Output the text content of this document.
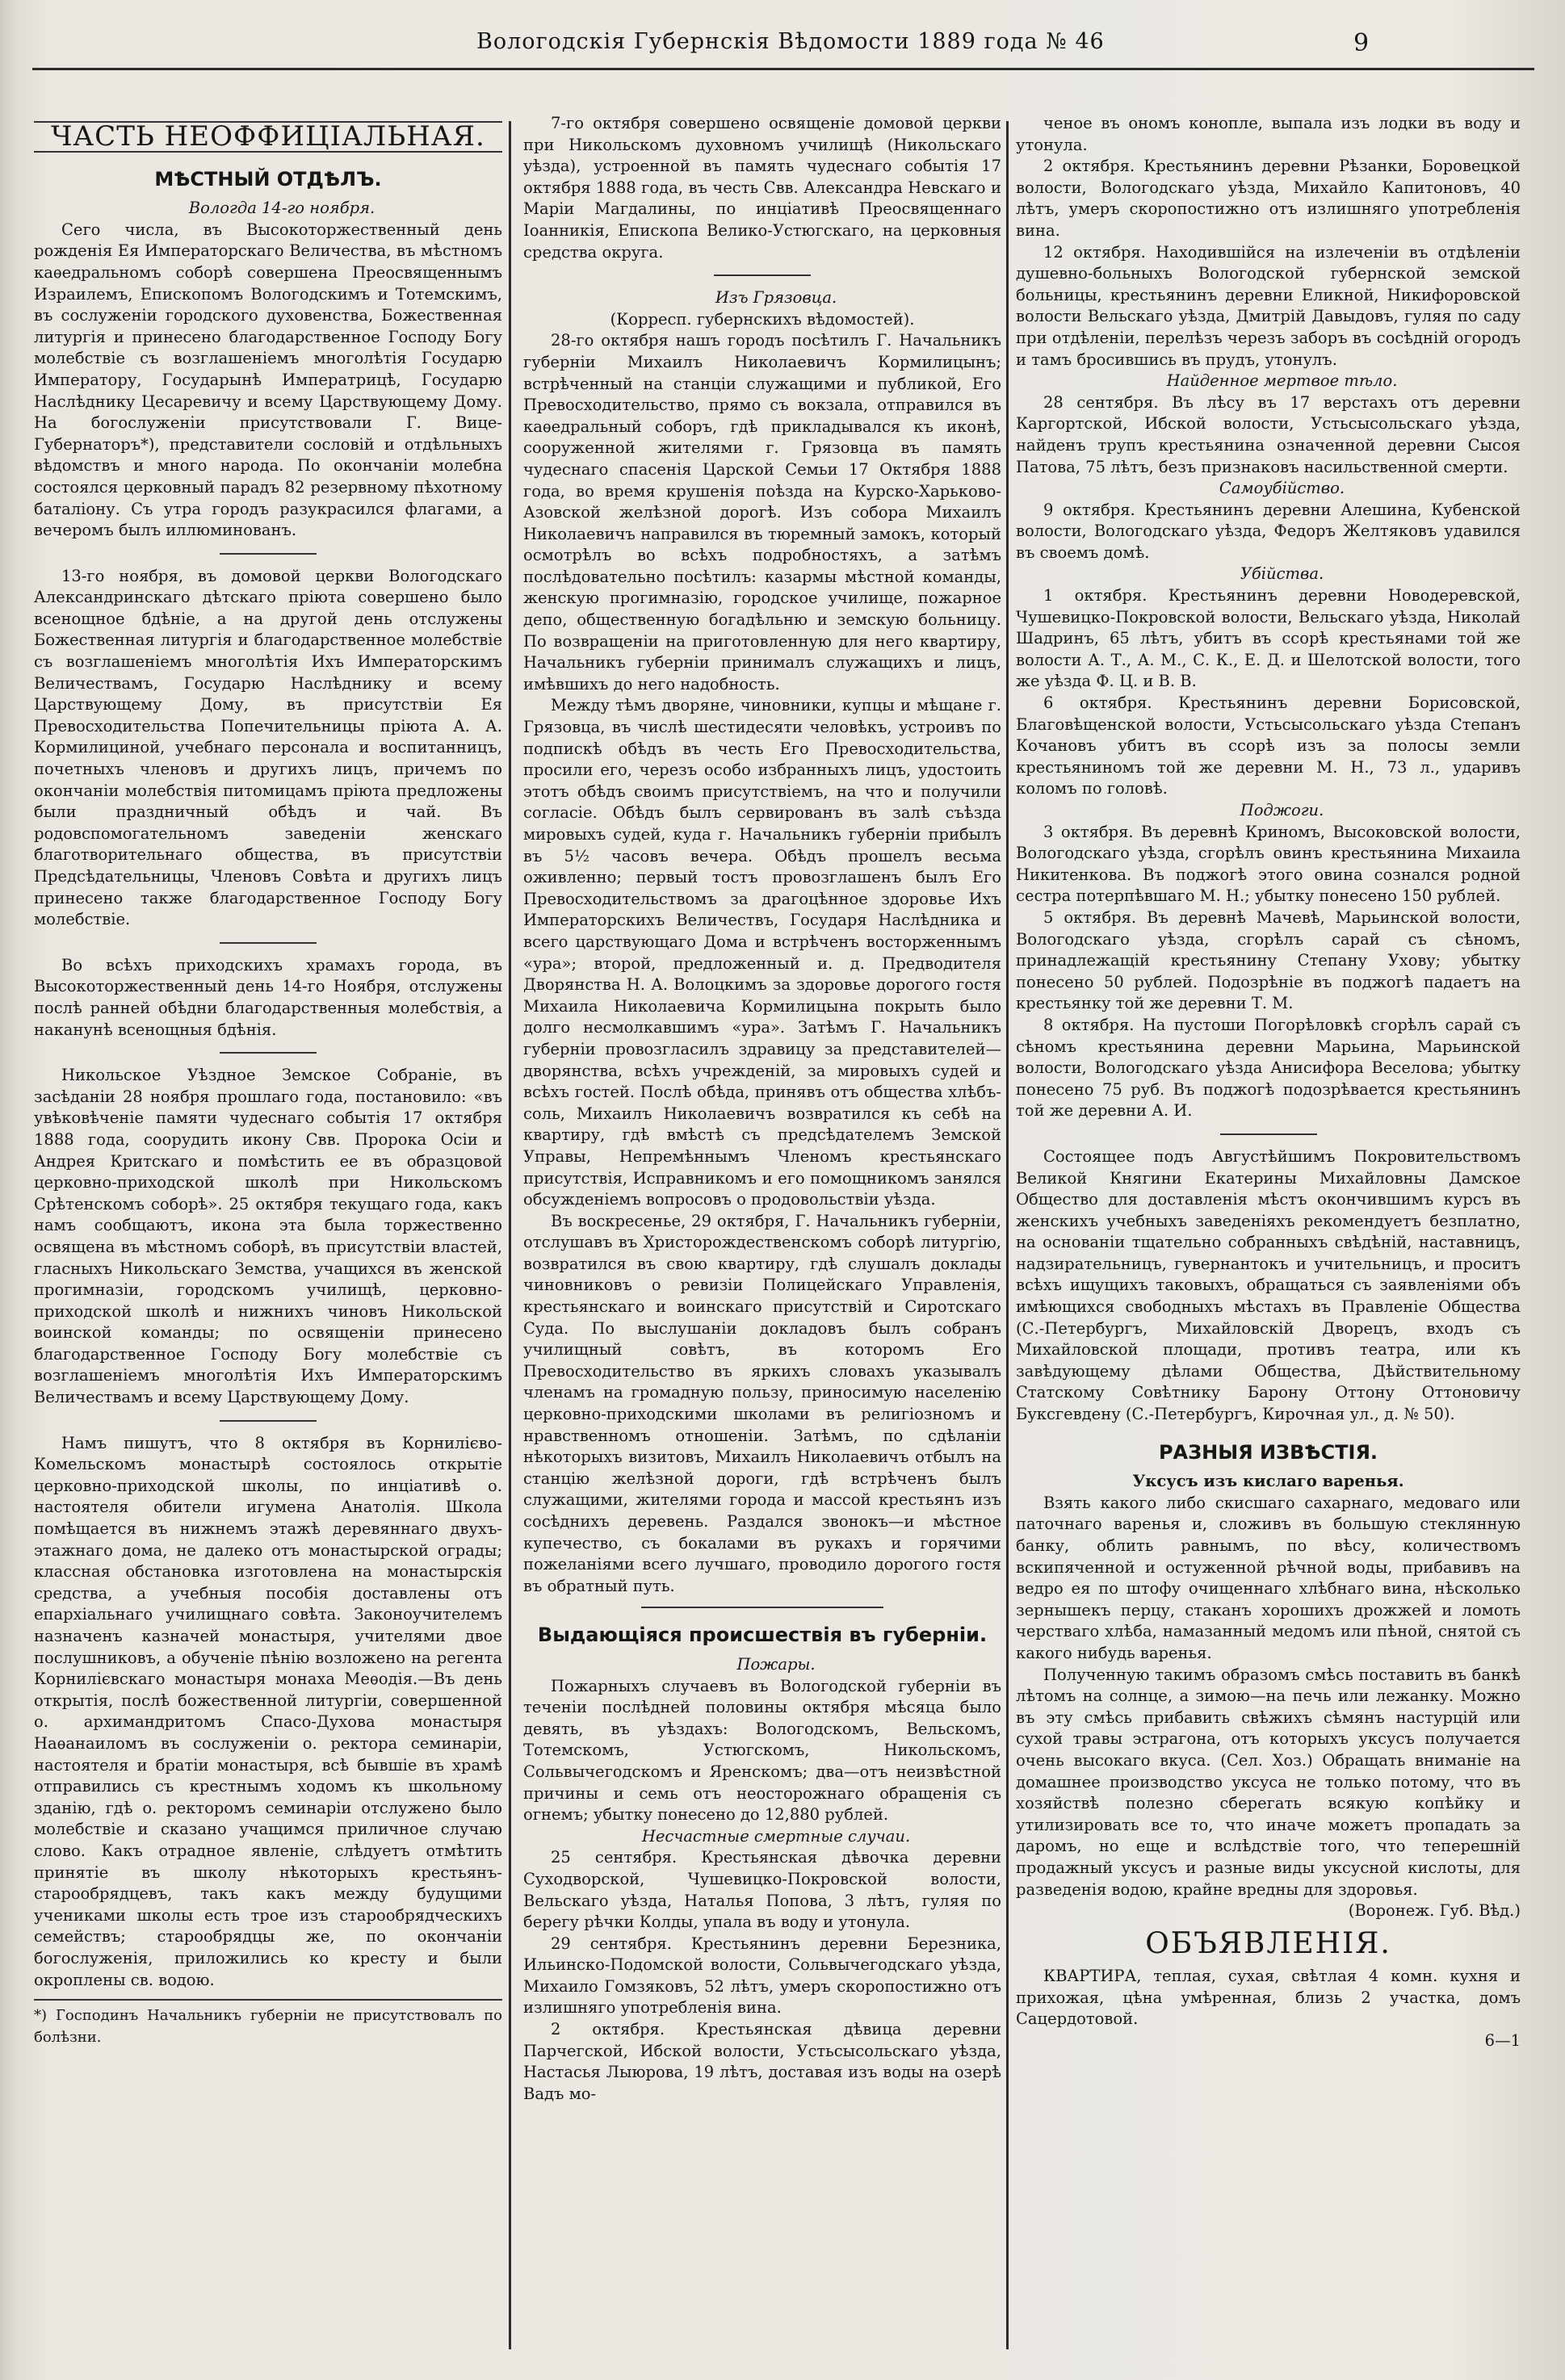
Вологодскія Губернскія Вѣдомости 1889 года № 46	9
ЧАСТЬ НЕОФФИЦІАЛЬНАЯ.
МѢСТНЫЙ ОТДѢЛЪ.

Вологда 14-го ноября.

Сего числа, въ Высокоторжественный день рожденія Ея Императорскаго Величества, въ мѣстномъ каѳедральномъ соборѣ совершена Преосвященнымъ Израилемъ, Епископомъ Вологодскимъ и Тотемскимъ, въ сослуженіи городского духовенства, Божественная литургія и принесено благодарственное Господу Богу молебствіе съ возглашеніемъ многолѣтія Государю Императору, Государынѣ Императрицѣ, Государю Наслѣднику Цесаревичу и всему Царствующему Дому. На богослуженіи присутствовали Г. Вице-Губернаторъ*), представители сословій и отдѣльныхъ вѣдомствъ и много народа. По окончаніи молебна состоялся церковный парадъ 82 резервному пѣхотному баталіону. Съ утра городъ разукрасился флагами, а вечеромъ былъ иллюминованъ.

13-го ноября, въ домовой церкви Вологодскаго Александринскаго дѣтскаго пріюта совершено было всенощное бдѣніе, а на другой день отслужены Божественная литургія и благодарственное молебствіе съ возглашеніемъ многолѣтія Ихъ Императорскимъ Величествамъ, Государю Наслѣднику и всему Царствующему Дому, въ присутствіи Ея Превосходительства Попечительницы пріюта А. А. Кормилициной, учебнаго персонала и воспитанницъ, почетныхъ членовъ и другихъ лицъ, причемъ по окончаніи молебствія питомицамъ пріюта предложены были праздничный обѣдъ и чай. Въ родовспомогательномъ заведеніи женскаго благотворительнаго общества, въ присутствіи Предсѣдательницы, Членовъ Совѣта и другихъ лицъ принесено также благодарственное Господу Богу молебствіе.

Во всѣхъ приходскихъ храмахъ города, въ Высокоторжественный день 14-го Ноября, отслужены послѣ ранней обѣдни благодарственныя молебствія, а наканунѣ всенощныя бдѣнія.

Никольское Уѣздное Земское Собраніе, въ засѣданіи 28 ноября прошлаго года, постановило: «въ увѣковѣченіе памяти чудеснаго событія 17 октября 1888 года, соорудить икону Свв. Пророка Осіи и Андрея Критскаго и помѣстить ее въ образцовой церковно-приходской школѣ при Никольскомъ Срѣтенскомъ соборѣ». 25 октября текущаго года, какъ намъ сообщаютъ, икона эта была торжественно освящена въ мѣстномъ соборѣ, въ присутствіи властей, гласныхъ Никольскаго Земства, учащихся въ женской прогимназіи, городскомъ училищѣ, церковно-приходской школѣ и нижнихъ чиновъ Никольской воинской команды; по освященіи принесено благодарственное Господу Богу молебствіе съ возглашеніемъ многолѣтія Ихъ Императорскимъ Величествамъ и всему Царствующему Дому.

Намъ пишутъ, что 8 октября въ Корнилієво-Комельскомъ монастырѣ состоялось открытіе церковно-приходской школы, по инціативѣ о. настоятеля обители игумена Анатолія. Школа помѣщается въ нижнемъ этажѣ деревяннаго двухъ-этажнаго дома, не далеко отъ монастырской ограды; классная обстановка изготовлена на монастырскія средства, а учебныя пособія доставлены отъ епархіальнаго училищнаго совѣта. Законоучителемъ назначенъ казначей монастыря, учителями двое послушниковъ, а обученіе пѣнію возложено на регента Корнилієвскаго монастыря монаха Меѳодія.—Въ день открытія, послѣ божественной литургіи, совершенной о. архимандритомъ Спасо-Духова монастыря Наѳанаиломъ въ сослуженіи о. ректора семинаріи, настоятеля и братіи монастыря, всѣ бывшіе въ храмѣ отправились съ крестнымъ ходомъ къ школьному зданію, гдѣ о. ректоромъ семинаріи отслужено было молебствіе и сказано учащимся приличное случаю слово. Какъ отрадное явленіе, слѣдуетъ отмѣтить принятіе въ школу нѣкоторыхъ крестьянъ-старообрядцевъ, такъ какъ между будущими учениками школы есть трое изъ старообрядческихъ семействъ; старообрядцы же, по окончаніи богослуженія, приложились ко кресту и были окроплены св. водою.

*) Господинъ Начальникъ губерніи не присутствовалъ по болѣзни.

7-го октября совершено освященіе домовой церкви при Никольскомъ духовномъ училищѣ (Никольскаго уѣзда), устроенной въ память чудеснаго событія 17 октября 1888 года, въ честь Свв. Александра Невскаго и Маріи Магдалины, по инціативѣ Преосвященнаго Іоанникія, Епископа Велико-Устюгскаго, на церковныя средства округа.

Изъ Грязовца.

(Корресп. губернскихъ вѣдомостей).

28-го октября нашъ городъ посѣтилъ Г. Начальникъ губерніи Михаилъ Николаевичъ Кормилицынъ; встрѣченный на станціи служащими и публикой, Его Превосходительство, прямо съ вокзала, отправился въ каѳедральный соборъ, гдѣ прикладывался къ иконѣ, сооруженной жителями г. Грязовца въ память чудеснаго спасенія Царской Семьи 17 Октября 1888 года, во время крушенія поѣзда на Курско-Харьково-Азовской желѣзной дорогѣ. Изъ собора Михаилъ Николаевичъ направился въ тюремный замокъ, который осмотрѣлъ во всѣхъ подробностяхъ, а затѣмъ послѣдовательно посѣтилъ: казармы мѣстной команды, женскую прогимназію, городское училище, пожарное депо, общественную богадѣльню и земскую больницу. По возвращеніи на приготовленную для него квартиру, Начальникъ губерніи принималъ служащихъ и лицъ, имѣвшихъ до него надобность.

Между тѣмъ дворяне, чиновники, купцы и мѣщане г. Грязовца, въ числѣ шестидесяти человѣкъ, устроивъ по подпискѣ обѣдъ въ честь Его Превосходительства, просили его, черезъ особо избранныхъ лицъ, удостоить этотъ обѣдъ своимъ присутствіемъ, на что и получили согласіе. Обѣдъ былъ сервированъ въ залѣ съѣзда мировыхъ судей, куда г. Начальникъ губерніи прибылъ въ 5½ часовъ вечера. Обѣдъ прошелъ весьма оживленно; первый тостъ провозглашенъ былъ Его Превосходительствомъ за драгоцѣнное здоровье Ихъ Императорскихъ Величествъ, Государя Наслѣдника и всего царствующаго Дома и встрѣченъ восторженнымъ «ура»; второй, предложенный и. д. Предводителя Дворянства Н. А. Волоцкимъ за здоровье дорогого гостя Михаила Николаевича Кормилицына покрыть было долго несмолкавшимъ «ура». Затѣмъ Г. Начальникъ губерніи провозгласилъ здравицу за представителей—дворянства, всѣхъ учрежденій, за мировыхъ судей и всѣхъ гостей. Послѣ обѣда, принявъ отъ общества хлѣбъ-соль, Михаилъ Николаевичъ возвратился къ себѣ на квартиру, гдѣ вмѣстѣ съ предсѣдателемъ Земской Управы, Непремѣннымъ Членомъ крестьянскаго присутствія, Исправникомъ и его помощникомъ занялся обсужденіемъ вопросовъ о продовольствіи уѣзда.

Въ воскресенье, 29 октября, Г. Начальникъ губерніи, отслушавъ въ Христорождественскомъ соборѣ литургію, возвратился въ свою квартиру, гдѣ слушалъ доклады чиновниковъ о ревизіи Полицейскаго Управленія, крестьянскаго и воинскаго присутствій и Сиротскаго Суда. По выслушаніи докладовъ былъ собранъ училищный совѣтъ, въ которомъ Его Превосходительство въ яркихъ словахъ указывалъ членамъ на громадную пользу, приносимую населенію церковно-приходскими школами въ религіозномъ и нравственномъ отношеніи. Затѣмъ, по сдѣланіи нѣкоторыхъ визитовъ, Михаилъ Николаевичъ отбылъ на станцію желѣзной дороги, гдѣ встрѣченъ былъ служащими, жителями города и массой крестьянъ изъ сосѣднихъ деревень. Раздался звонокъ—и мѣстное купечество, съ бокалами въ рукахъ и горячими пожеланіями всего лучшаго, проводило дорогого гостя въ обратный путь.

Выдающіяся происшествія въ губерніи.

Пожары.

Пожарныхъ случаевъ въ Вологодской губерніи въ теченіи послѣдней половины октября мѣсяца было девять, въ уѣздахъ: Вологодскомъ, Вельскомъ, Тотемскомъ, Устюгскомъ, Никольскомъ, Сольвычегодскомъ и Яренскомъ; два—отъ неизвѣстной причины и семь отъ неосторожнаго обращенія съ огнемъ; убытку понесено до 12,880 рублей.

Несчастные смертные случаи.

25 сентября. Крестьянская дѣвочка деревни Суходворской, Чушевицко-Покровской волости, Вельскаго уѣзда, Наталья Попова, 3 лѣтъ, гуляя по берегу рѣчки Колды, упала въ воду и утонула.

29 сентября. Крестьянинъ деревни Березника, Ильинско-Подомской волости, Сольвычегодскаго уѣзда, Михаило Гомзяковъ, 52 лѣтъ, умеръ скоропостижно отъ излишняго употребленія вина.

2 октября. Крестьянская дѣвица деревни Парчегской, Ибской волости, Устьсысольскаго уѣзда, Настасья Лыюрова, 19 лѣтъ, доставая изъ воды на озерѣ Вадъ мо-

ченое въ ономъ конопле, выпала изъ лодки въ воду и утонула.

2 октября. Крестьянинъ деревни Рѣзанки, Боровецкой волости, Вологодскаго уѣзда, Михайло Капитоновъ, 40 лѣтъ, умеръ скоропостижно отъ излишняго употребленія вина.

12 октября. Находившійся на излеченіи въ отдѣленіи душевно-больныхъ Вологодской губернской земской больницы, крестьянинъ деревни Еликной, Никифоровской волости Вельскаго уѣзда, Дмитрій Давыдовъ, гуляя по саду при отдѣленіи, перелѣзъ черезъ заборъ въ сосѣдній огородъ и тамъ бросившись въ прудъ, утонулъ.

Найденное мертвое тѣло.

28 сентября. Въ лѣсу въ 17 верстахъ отъ деревни Каргортской, Ибской волости, Устьсысольскаго уѣзда, найденъ трупъ крестьянина означенной деревни Сысоя Патова, 75 лѣтъ, безъ признаковъ насильственной смерти.

Самоубійство.

9 октября. Крестьянинъ деревни Алешина, Кубенской волости, Вологодскаго уѣзда, Федоръ Желтяковъ удавился въ своемъ домѣ.

Убійства.

1 октября. Крестьянинъ деревни Новодеревской, Чушевицко-Покровской волости, Вельскаго уѣзда, Николай Шадринъ, 65 лѣтъ, убитъ въ ссорѣ крестьянами той же волости А. Т., А. М., С. К., Е. Д. и Шелотской волости, того же уѣзда Ф. Ц. и В. В.

6 октября. Крестьянинъ деревни Борисовской, Благовѣщенской волости, Устьсысольскаго уѣзда Степанъ Кочановъ убитъ въ ссорѣ изъ за полосы земли крестьяниномъ той же деревни М. Н., 73 л., ударивъ коломъ по головѣ.

Поджоги.

3 октября. Въ деревнѣ Криномъ, Высоковской волости, Вологодскаго уѣзда, сгорѣлъ овинъ крестьянина Михаила Никитенкова. Въ поджогѣ этого овина сознался родной сестра потерпѣвшаго М. Н.; убытку понесено 150 рублей.

5 октября. Въ деревнѣ Мачевѣ, Марьинской волости, Вологодскаго уѣзда, сгорѣлъ сарай съ сѣномъ, принадлежащій крестьянину Степану Уховy; убытку понесено 50 рублей. Подозрѣніе въ поджогѣ падаетъ на крестьянку той же деревни Т. М.

8 октября. На пустоши Погорѣловкѣ сгорѣлъ сарай съ сѣномъ крестьянина деревни Марьина, Марьинской волости, Вологодскаго уѣзда Анисифора Веселова; убытку понесено 75 руб. Въ поджогѣ подозрѣвается крестьянинъ той же деревни А. И.

Состоящее подъ Августѣйшимъ Покровительствомъ Великой Княгини Екатерины Михайловны Дамское Общество для доставленія мѣстъ окончившимъ курсъ въ женскихъ учебныхъ заведеніяхъ рекомендуетъ безплатно, на основаніи тщательно собранныхъ свѣдѣній, наставницъ, надзирательницъ, гувернантокъ и учительницъ, и проситъ всѣхъ ищущихъ таковыхъ, обращаться съ заявленіями объ имѣющихся свободныхъ мѣстахъ въ Правленіе Общества (С.-Петербургъ, Михайловскій Дворецъ, входъ съ Михайловской площади, противъ театра, или къ завѣдующему дѣлами Общества, Дѣйствительному Статскому Совѣтнику Барону Оттону Оттоновичу Буксгевдену (С.-Петербургъ, Кирочная ул., д. № 50).

РАЗНЫЯ ИЗВѢСТІЯ.

Уксусъ изъ кислаго варенья.

Взять какого либо скисшаго сахарнаго, медоваго или паточнаго варенья и, сложивъ въ большую стеклянную банку, облить равнымъ, по вѣсу, количествомъ вскипяченной и остуженной рѣчной воды, прибавивъ на ведро ея по штофу очищеннаго хлѣбнаго вина, нѣсколько зернышекъ перцу, стаканъ хорошихъ дрожжей и ломоть черстваго хлѣба, намазанный медомъ или пѣной, снятой съ какого нибудь варенья.

Полученную такимъ образомъ смѣсь поставить въ банкѣ лѣтомъ на солнце, а зимою—на печь или лежанку. Можно въ эту смѣсь прибавить свѣжихъ сѣмянъ настурцій или сухой травы эстрагона, отъ которыхъ уксусъ получается очень высокаго вкуса. (Сел. Хоз.) Обращать вниманіе на домашнее производство уксуса не только потому, что въ хозяйствѣ полезно сберегать всякую копѣйку и утилизировать все то, что иначе можетъ пропадать за даромъ, но еще и вслѣдствіе того, что теперешній продажный уксусъ и разные виды уксусной кислоты, для разведенія водою, крайне вредны для здоровья.

(Воронеж. Губ. Вѣд.)

ОБЪЯВЛЕНІЯ.

КВАРТИРА, теплая, сухая, свѣтлая 4 комн. кухня и прихожая, цѣна умѣренная, близь 2 участка, домъ Сацердотовой.

6—1
